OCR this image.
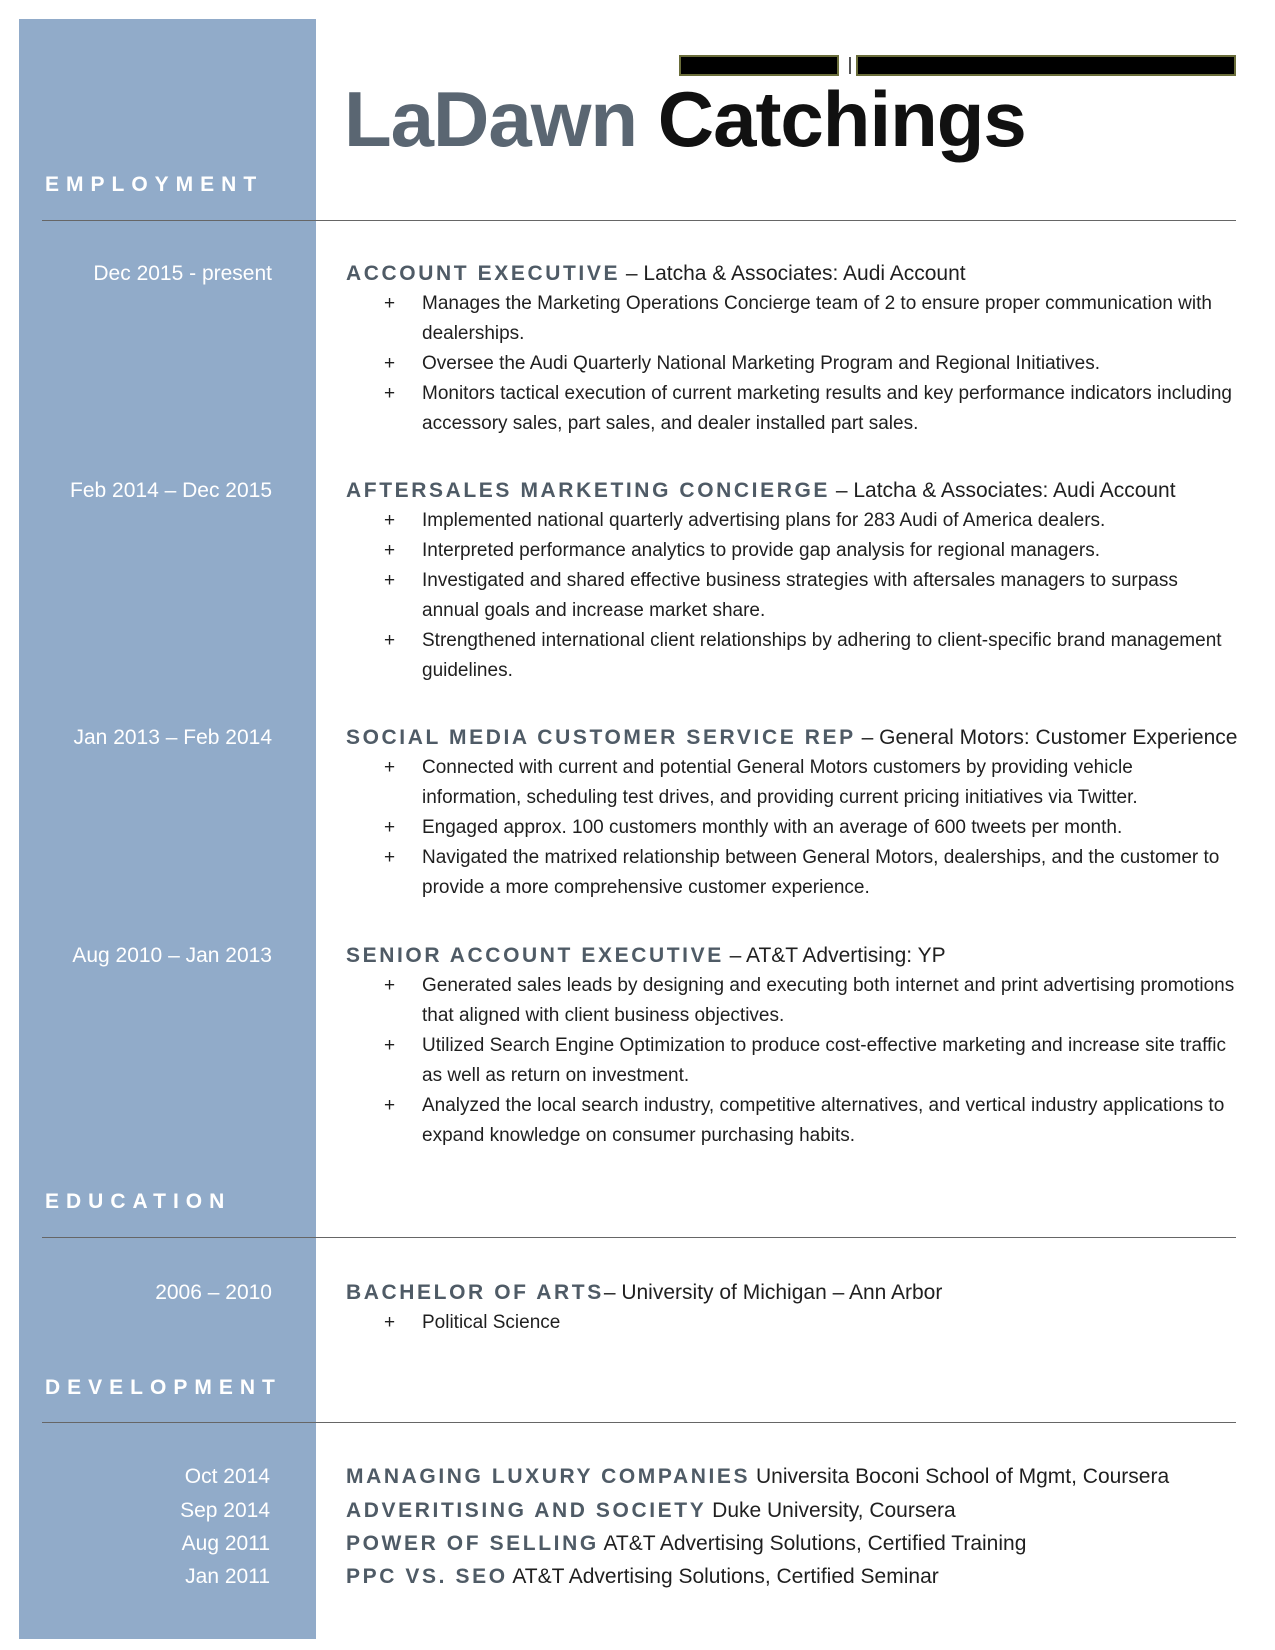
LaDawn Catchings
EMPLOYMENT
Dec 2015 - present	ACCOUNT EXECUTIVE – Latcha & Associates: Audi Account
+ Manages the Marketing Operations Concierge team of 2 to ensure proper communication with dealerships.
+ Oversee the Audi Quarterly National Marketing Program and Regional Initiatives.
+ Monitors tactical execution of current marketing results and key performance indicators including accessory sales, part sales, and dealer installed part sales.
Feb 2014 – Dec 2015	AFTERSALES MARKETING CONCIERGE – Latcha & Associates: Audi Account
+ Implemented national quarterly advertising plans for 283 Audi of America dealers.
+ Interpreted performance analytics to provide gap analysis for regional managers.
+ Investigated and shared effective business strategies with aftersales managers to surpass annual goals and increase market share.
+ Strengthened international client relationships by adhering to client-specific brand management guidelines.
Jan 2013 – Feb 2014	SOCIAL MEDIA CUSTOMER SERVICE REP – General Motors: Customer Experience
+ Connected with current and potential General Motors customers by providing vehicle information, scheduling test drives, and providing current pricing initiatives via Twitter.
+ Engaged approx. 100 customers monthly with an average of 600 tweets per month.
+ Navigated the matrixed relationship between General Motors, dealerships, and the customer to provide a more comprehensive customer experience.
Aug 2010 – Jan 2013	SENIOR ACCOUNT EXECUTIVE – AT&T Advertising: YP
+ Generated sales leads by designing and executing both internet and print advertising promotions that aligned with client business objectives.
+ Utilized Search Engine Optimization to produce cost-effective marketing and increase site traffic as well as return on investment.
+ Analyzed the local search industry, competitive alternatives, and vertical industry applications to expand knowledge on consumer purchasing habits.
EDUCATION
2006 – 2010	BACHELOR OF ARTS– University of Michigan – Ann Arbor
+ Political Science
DEVELOPMENT
Oct 2014	MANAGING LUXURY COMPANIES Universita Boconi School of Mgmt, Coursera
Sep 2014	ADVERITISING AND SOCIETY Duke University, Coursera
Aug 2011	POWER OF SELLING AT&T Advertising Solutions, Certified Training
Jan 2011	PPC VS. SEO AT&T Advertising Solutions, Certified Seminar
